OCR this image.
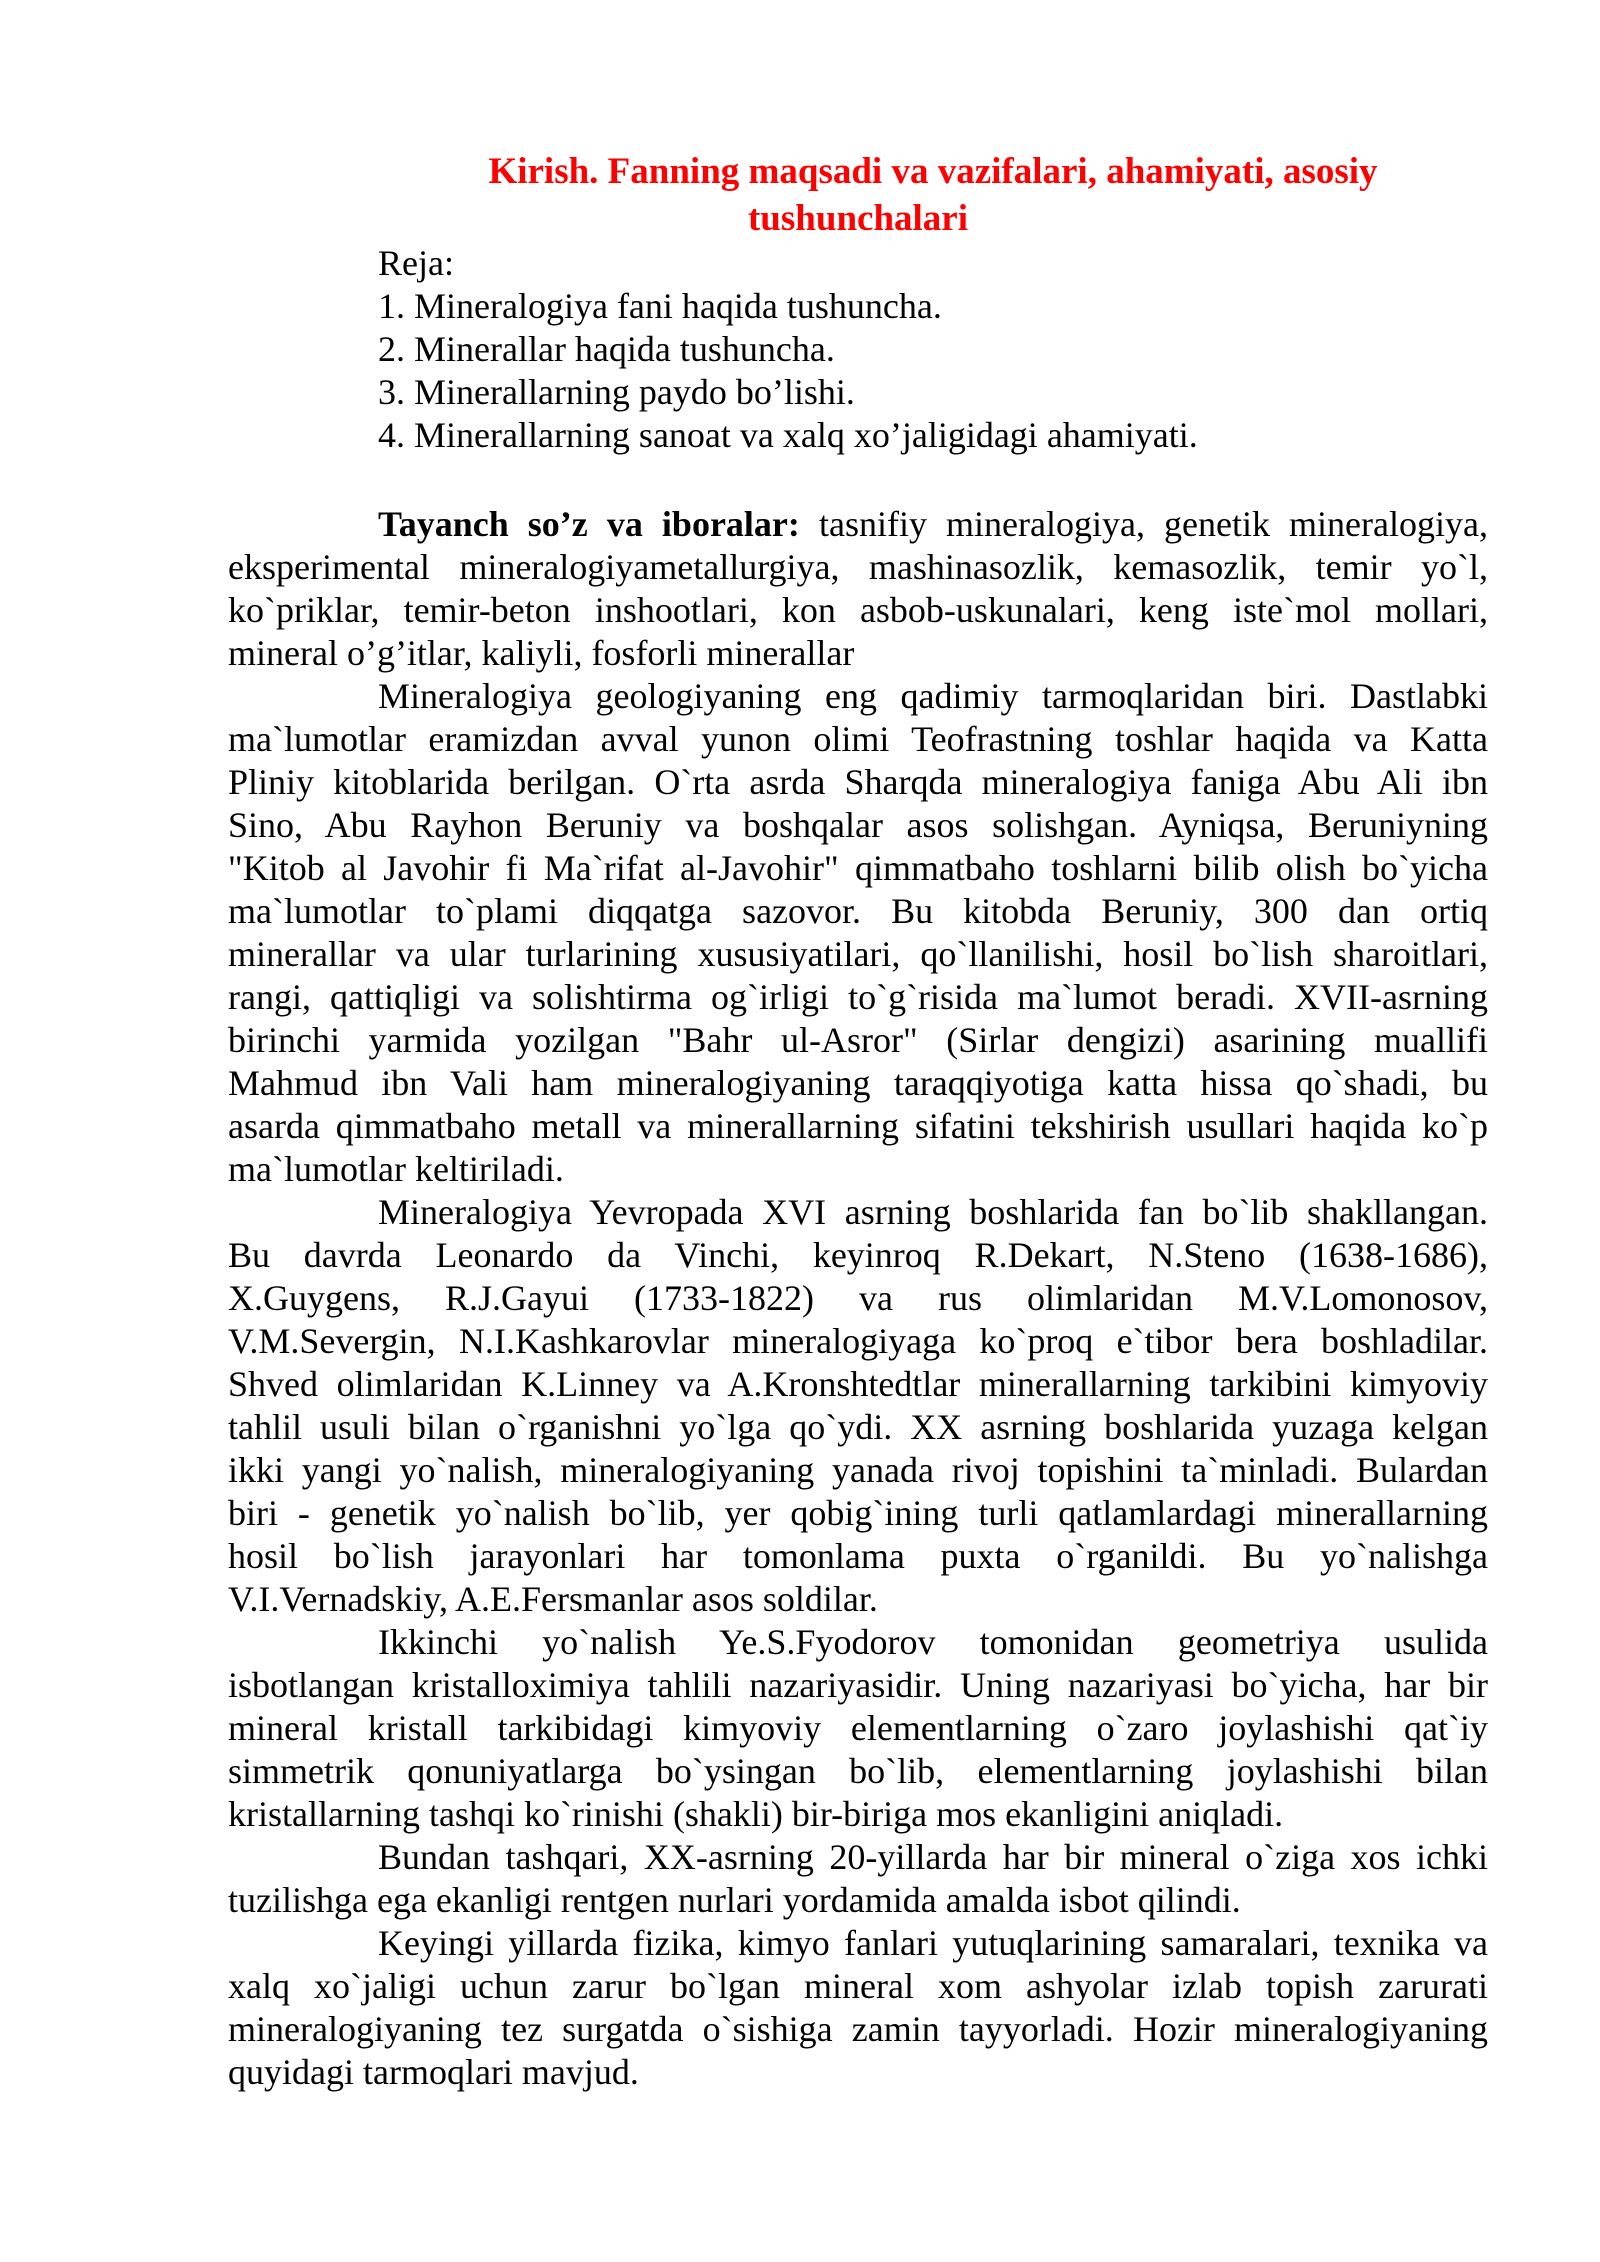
Kirish. Fanning maqsadi va vazifalari, ahamiyati, asosiy
tushunchalari
Reja:
1. Mineralogiya fani haqida tushuncha.
2. Minerallar haqida tushuncha.
3. Minerallarning paydo bo’lishi.
4. Minerallarning sanoat va xalq xo’jaligidagi ahamiyati.
Tayanch so’z va iboralar: tasnifiy mineralogiya, genetik mineralogiya,
eksperimental mineralogiyametallurgiya, mashinasozlik, kemasozlik, temir yo`l,
ko`priklar, temir-beton inshootlari, kon asbob-uskunalari, keng iste`mol mollari,
mineral o’g’itlar, kaliyli, fosforli minerallar
Mineralogiya geologiyaning eng qadimiy tarmoqlaridan biri. Dastlabki
ma`lumotlar eramizdan avval yunon olimi Teofrastning toshlar haqida va Katta
Pliniy kitoblarida berilgan. O`rta asrda Sharqda mineralogiya faniga Abu Ali ibn
Sino, Abu Rayhon Beruniy va boshqalar asos solishgan. Ayniqsa, Beruniyning
"Kitob al Javohir fi Ma`rifat al-Javohir" qimmatbaho toshlarni bilib olish bo`yicha
ma`lumotlar to`plami diqqatga sazovor. Bu kitobda Beruniy, 300 dan ortiq
minerallar va ular turlarining xususiyatilari, qo`llanilishi, hosil bo`lish sharoitlari,
rangi, qattiqligi va solishtirma og`irligi to`g`risida ma`lumot beradi. XVII-asrning
birinchi yarmida yozilgan "Bahr ul-Asror" (Sirlar dengizi) asarining muallifi
Mahmud ibn Vali ham mineralogiyaning taraqqiyotiga katta hissa qo`shadi, bu
asarda qimmatbaho metall va minerallarning sifatini tekshirish usullari haqida ko`p
ma`lumotlar keltiriladi.
Mineralogiya Yevropada XVI asrning boshlarida fan bo`lib shakllangan.
Bu davrda Leonardo da Vinchi, keyinroq R.Dekart, N.Steno (1638-1686),
X.Guygens, R.J.Gayui (1733-1822) va rus olimlaridan M.V.Lomonosov,
V.M.Severgin, N.I.Kashkarovlar mineralogiyaga ko`proq e`tibor bera boshladilar.
Shved olimlaridan K.Linney va A.Kronshtedtlar minerallarning tarkibini kimyoviy
tahlil usuli bilan o`rganishni yo`lga qo`ydi. XX asrning boshlarida yuzaga kelgan
ikki yangi yo`nalish, mineralogiyaning yanada rivoj topishini ta`minladi. Bulardan
biri - genetik yo`nalish bo`lib, yer qobig`ining turli qatlamlardagi minerallarning
hosil bo`lish jarayonlari har tomonlama puxta o`rganildi. Bu yo`nalishga
V.I.Vernadskiy, A.E.Fersmanlar asos soldilar.
Ikkinchi yo`nalish Ye.S.Fyodorov tomonidan geometriya usulida
isbotlangan kristalloximiya tahlili nazariyasidir. Uning nazariyasi bo`yicha, har bir
mineral kristall tarkibidagi kimyoviy elementlarning o`zaro joylashishi qat`iy
simmetrik qonuniyatlarga bo`ysingan bo`lib, elementlarning joylashishi bilan
kristallarning tashqi ko`rinishi (shakli) bir-biriga mos ekanligini aniqladi.
Bundan tashqari, XX-asrning 20-yillarda har bir mineral o`ziga xos ichki
tuzilishga ega ekanligi rentgen nurlari yordamida amalda isbot qilindi.
Keyingi yillarda fizika, kimyo fanlari yutuqlarining samaralari, texnika va
xalq xo`jaligi uchun zarur bo`lgan mineral xom ashyolar izlab topish zarurati
mineralogiyaning tez surgatda o`sishiga zamin tayyorladi. Hozir mineralogiyaning
quyidagi tarmoqlari mavjud.
